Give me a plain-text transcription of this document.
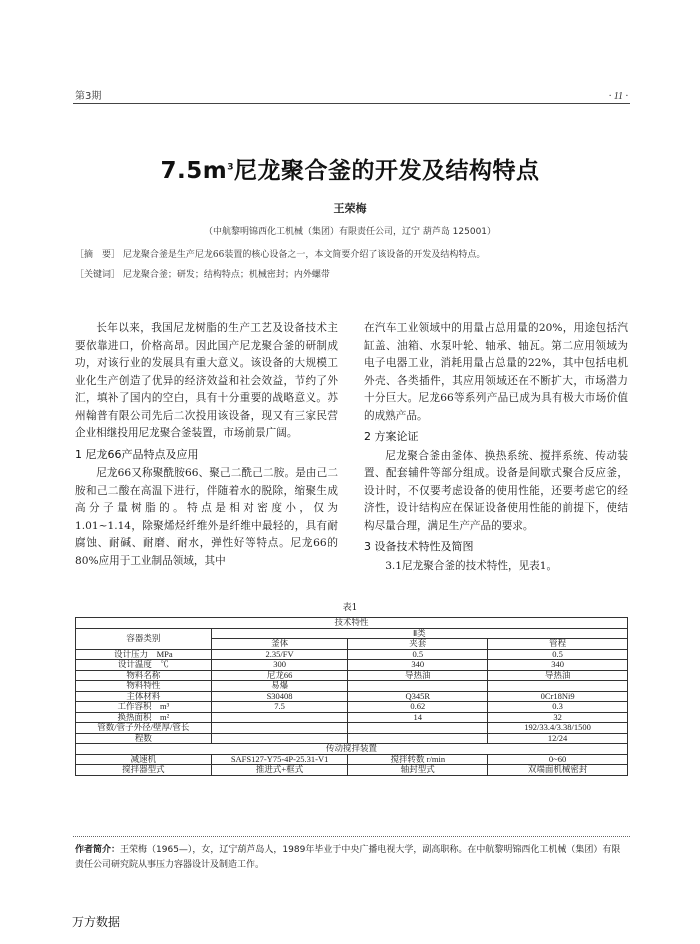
第3期	· 11 ·
$7.5m^3$尼龙聚合釜的开发及结构特点
王荣梅
（中航黎明锦西化工机械（集团）有限责任公司，辽宁 葫芦岛 125001）
［摘　要］ 尼龙聚合釜是生产尼龙66装置的核心设备之一，本文简要介绍了该设备的开发及结构特点。
［关键词］ 尼龙聚合釜；研发；结构特点；机械密封；内外螺带

长年以来，我国尼龙树脂的生产工艺及设备技术主要依靠进口，价格高昂。因此国产尼龙聚合釜的研制成功，对该行业的发展具有重大意义。该设备的大规模工业化生产创造了优异的经济效益和社会效益，节约了外汇，填补了国内的空白，具有十分重要的战略意义。苏州翰普有限公司先后二次投用该设备，现又有三家民营企业相继投用尼龙聚合釜装置，市场前景广阔。

1 尼龙66产品特点及应用

尼龙66又称聚酰胺66、聚己二酰己二胺。是由己二胺和己二酸在高温下进行，伴随着水的脱除，缩聚生成高分子量树脂的。特点是相对密度小，仅为1.01~1.14，除聚烯烃纤维外是纤维中最轻的，具有耐腐蚀、耐碱、耐磨、耐水，弹性好等特点。尼龙66的80%应用于工业制品领域，其中

在汽车工业领域中的用量占总用量的20%，用途包括汽缸盖、油箱、水泵叶轮、轴承、轴瓦。第二应用领域为电子电器工业，消耗用量占总量的22%，其中包括电机外壳、各类插件，其应用领域还在不断扩大，市场潜力十分巨大。尼龙66等系列产品已成为具有极大市场价值的成熟产品。

2 方案论证

尼龙聚合釜由釜体、换热系统、搅拌系统、传动装置、配套辅件等部分组成。设备是间歇式聚合反应釜，设计时，不仅要考虑设备的使用性能，还要考虑它的经济性，设计结构应在保证设备使用性能的前提下，使结构尽量合理，满足生产产品的要求。

3 设备技术特性及简图

3.1尼龙聚合釜的技术特性，见表1。

表1
技术特性			
容器类别	Ⅱ类		
	釜体	夹套	管程
设计压力　MPa	2.35/FV	0.5	0.5
设计温度　℃	300	340	340
物料名称	尼龙66	导热油	导热油
物料特性	易爆		
主体材料	S30408	Q345R	0Cr18Ni9
工作容积　m³	7.5	0.62	0.3
换热面积　m²		14	32
管数/管子外径/壁厚/管长			192/33.4/3.38/1500
程数			12/24
传动搅拌装置			
减速机	SAFS127-Y75-4P-25.31-V1	搅拌转数 r/min	0~60
搅拌器型式	推进式+框式	轴封型式	双端面机械密封
作者简介：王荣梅（1965—），女，辽宁葫芦岛人，1989年毕业于中央广播电视大学，副高职称。在中航黎明锦西化工机械（集团）有限责任公司研究院从事压力容器设计及制造工作。
万方数据
